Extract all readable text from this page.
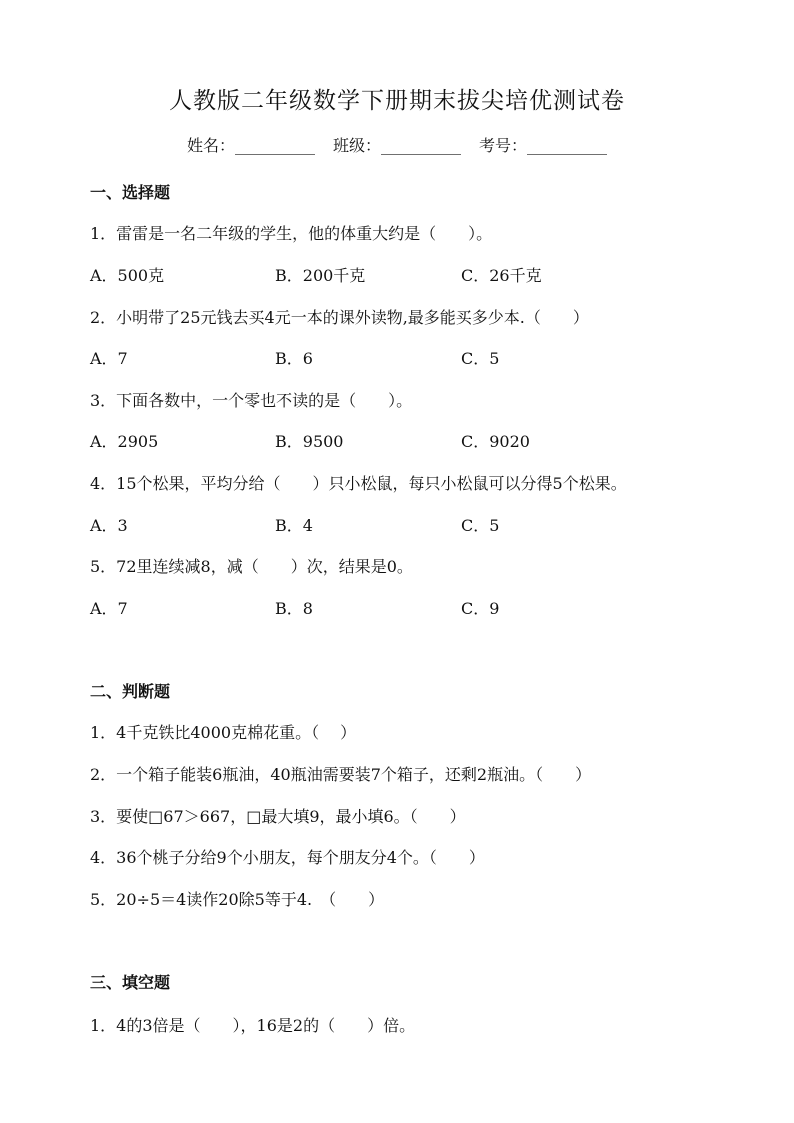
人教版二年级数学下册期末拔尖培优测试卷
姓名：__________ 班级：__________ 考号：__________
一、选择题
1．雷雷是一名二年级的学生，他的体重大约是（　　）。
A．500克	B．200千克	C．26千克
2．小明带了25元钱去买4元一本的课外读物,最多能买多少本.（　　）
A．7	B．6	C．5
3．下面各数中，一个零也不读的是（　　）。
A．2905	B．9500	C．9020
4．15个松果，平均分给（　　）只小松鼠，每只小松鼠可以分得5个松果。
A．3	B．4	C．5
5．72里连续减8，减（　　）次，结果是0。
A．7	B．8	C．9
二、判断题
1．4千克铁比4000克棉花重。（　 ）
2．一个箱子能装6瓶油，40瓶油需要装7个箱子，还剩2瓶油。（　　）
3．要使□67＞667，□最大填9，最小填6。（　　）
4．36个桃子分给9个小朋友，每个朋友分4个。（　　）
5．20÷5＝4读作20除5等于4.　（　　）
三、填空题
1．4的3倍是（　　），16是2的（　　）倍。
